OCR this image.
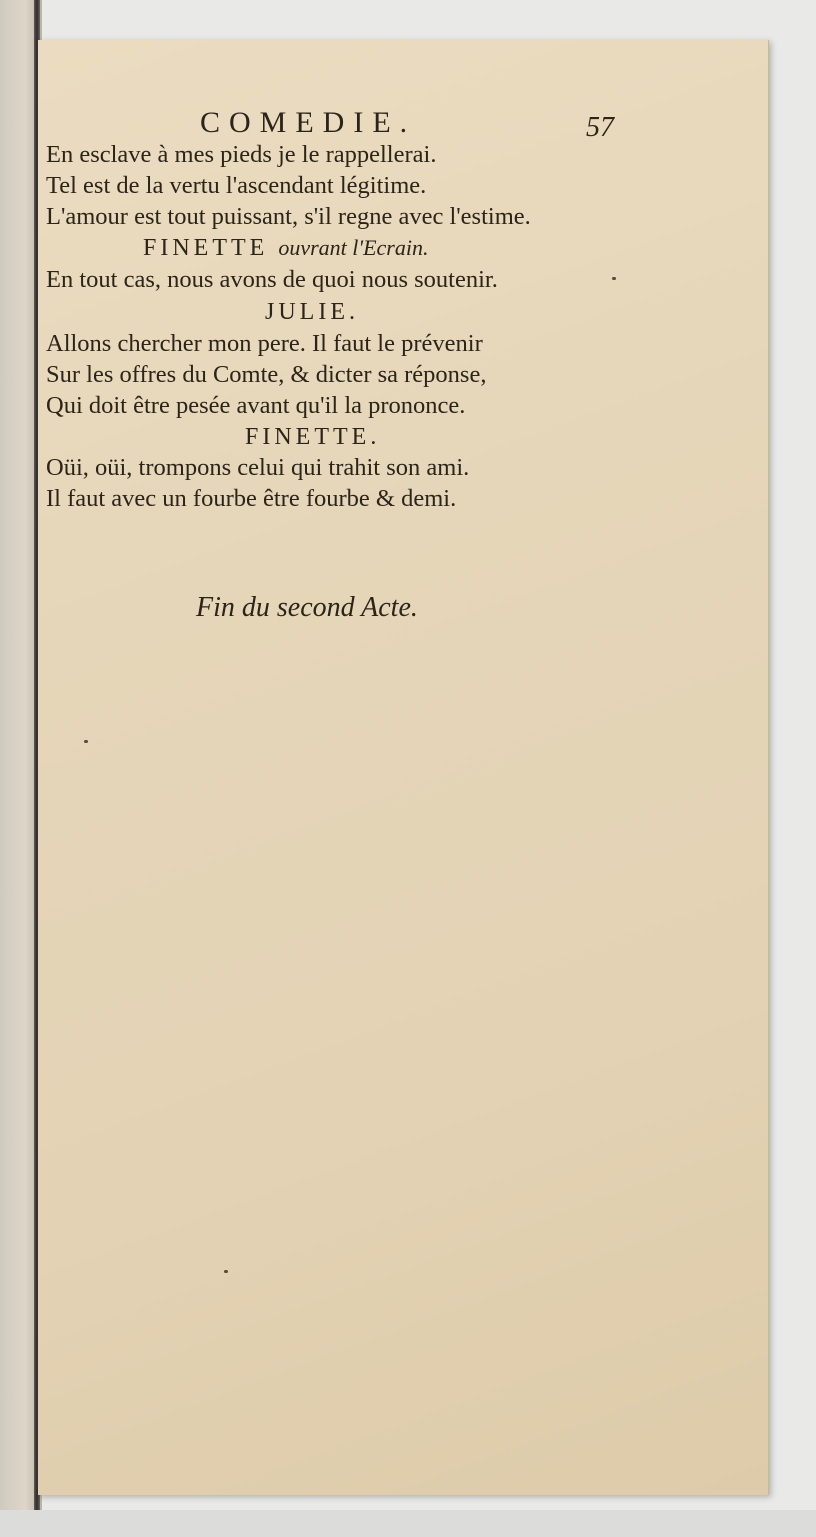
COMEDIE.	57
En esclave à mes pieds je le rappellerai.
Tel est de la vertu l'ascendant légitime.
L'amour est tout puissant, s'il regne avec l'estime.
FINETTE ouvrant l'Ecrain.
En tout cas, nous avons de quoi nous soutenir.
JULIE.
Allons chercher mon pere. Il faut le prévenir
Sur les offres du Comte, & dicter sa réponse,
Qui doit être pesée avant qu'il la prononce.
FINETTE.
Oüi, oüi, trompons celui qui trahit son ami.
Il faut avec un fourbe être fourbe & demi.
Fin du second Acte.
